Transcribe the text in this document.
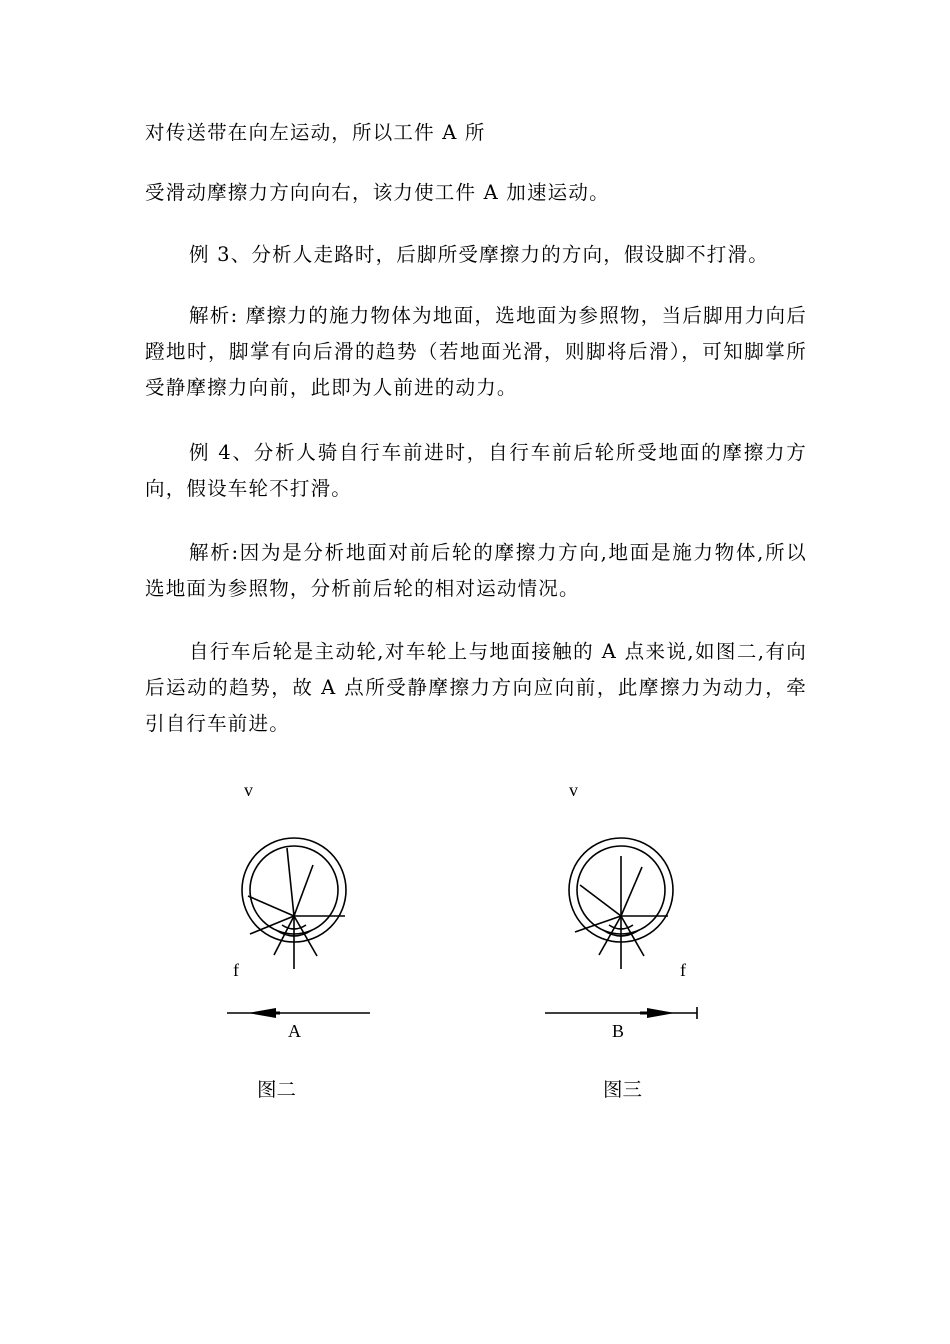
对传送带在向左运动，所以工件 A 所
受滑动摩擦力方向向右，该力使工件 A 加速运动。
例 3、分析人走路时，后脚所受摩擦力的方向，假设脚不打滑。
解析: 摩擦力的施力物体为地面，选地面为参照物，当后脚用力向后蹬地时，脚掌有向后滑的趋势（若地面光滑，则脚将后滑），可知脚掌所受静摩擦力向前，此即为人前进的动力。
例 4、分析人骑自行车前进时，自行车前后轮所受地面的摩擦力方向，假设车轮不打滑。
解析:因为是分析地面对前后轮的摩擦力方向,地面是施力物体,所以选地面为参照物，分析前后轮的相对运动情况。
自行车后轮是主动轮,对车轮上与地面接触的 A 点来说,如图二,有向后运动的趋势，故 A 点所受静摩擦力方向应向前，此摩擦力为动力，牵引自行车前进。
v
f
A
图二
v
f
B
图三
